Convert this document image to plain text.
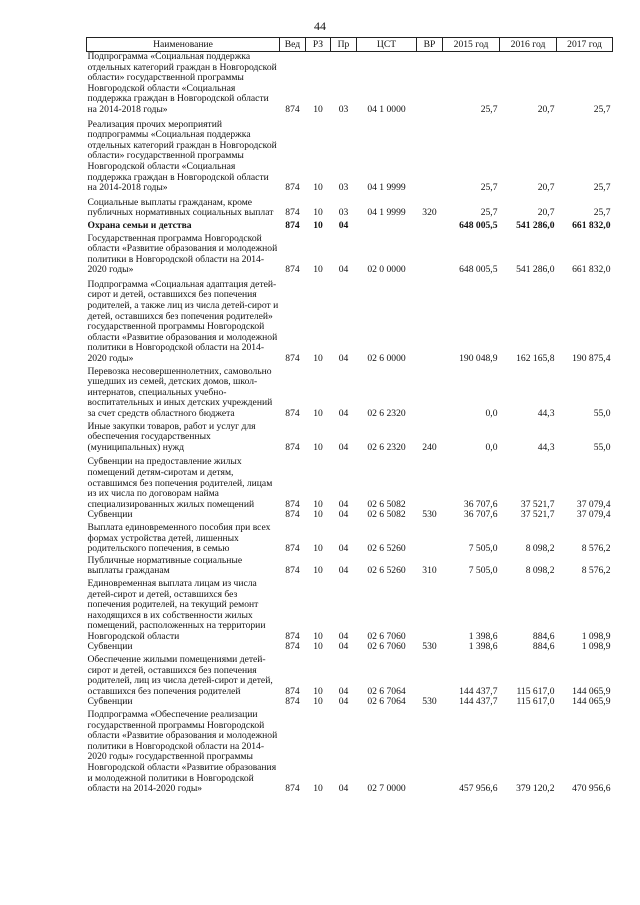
44
Наименование	Вед	РЗ	Пр	ЦСТ	ВР	2015 год	2016 год	2017 год
Подпрограмма «Социальная поддержка отдельных категорий граждан в Новгородской области» государственной программы Новгородской области «Социальная поддержка граждан в Новгородской области на 2014-2018 годы»	874	10	03	04 1 0000		25,7	20,7	25,7
Реализация прочих мероприятий подпрограммы «Социальная поддержка отдельных категорий граждан в Новгородской области» государственной программы Новгородской области «Социальная поддержка граждан в Новгородской области на 2014-2018 годы»	874	10	03	04 1 9999		25,7	20,7	25,7
Социальные выплаты гражданам, кроме публичных нормативных социальных выплат	874	10	03	04 1 9999	320	25,7	20,7	25,7
Охрана семьи и детства	874	10	04			648 005,5	541 286,0	661 832,0
Государственная программа Новгородской области «Развитие образования и молодежной политики в Новгородской области на 2014-2020 годы»	874	10	04	02 0 0000		648 005,5	541 286,0	661 832,0
Подпрограмма «Социальная адаптация детей-сирот и детей, оставшихся без попечения родителей, а также лиц из числа детей-сирот и детей, оставшихся без попечения родителей» государственной программы Новгородской области «Развитие образования и молодежной политики в Новгородской области на 2014-2020 годы»	874	10	04	02 6 0000		190 048,9	162 165,8	190 875,4
Перевозка несовершеннолетних, самовольно ушедших из семей, детских домов, школ-интернатов, специальных учебно-воспитательных и иных детских учреждений за счет средств областного бюджета	874	10	04	02 6 2320		0,0	44,3	55,0
Иные закупки товаров, работ и услуг для обеспечения государственных (муниципальных) нужд	874	10	04	02 6 2320	240	0,0	44,3	55,0
Субвенции на предоставление жилых помещений детям-сиротам и детям, оставшимся без попечения родителей, лицам из их числа по договорам найма специализированных жилых помещений	874	10	04	02 6 5082		36 707,6	37 521,7	37 079,4
Субвенции	874	10	04	02 6 5082	530	36 707,6	37 521,7	37 079,4
Выплата единовременного пособия при всех формах устройства детей, лишенных родительского попечения, в семью	874	10	04	02 6 5260		7 505,0	8 098,2	8 576,2
Публичные нормативные социальные выплаты гражданам	874	10	04	02 6 5260	310	7 505,0	8 098,2	8 576,2
Единовременная выплата лицам из числа детей-сирот и детей, оставшихся без попечения родителей, на текущий ремонт находящихся в их собственности жилых помещений, расположенных на территории Новгородской области	874	10	04	02 6 7060		1 398,6	884,6	1 098,9
Субвенции	874	10	04	02 6 7060	530	1 398,6	884,6	1 098,9
Обеспечение жилыми помещениями детей-сирот и детей, оставшихся без попечения родителей, лиц из числа детей-сирот и детей, оставшихся без попечения родителей	874	10	04	02 6 7064		144 437,7	115 617,0	144 065,9
Субвенции	874	10	04	02 6 7064	530	144 437,7	115 617,0	144 065,9
Подпрограмма «Обеспечение реализации государственной программы Новгородской области «Развитие образования и молодежной политики в Новгородской области на 2014-2020 годы» государственной программы Новгородской области «Развитие образования и молодежной политики в Новгородской области на 2014-2020 годы»	874	10	04	02 7 0000		457 956,6	379 120,2	470 956,6
